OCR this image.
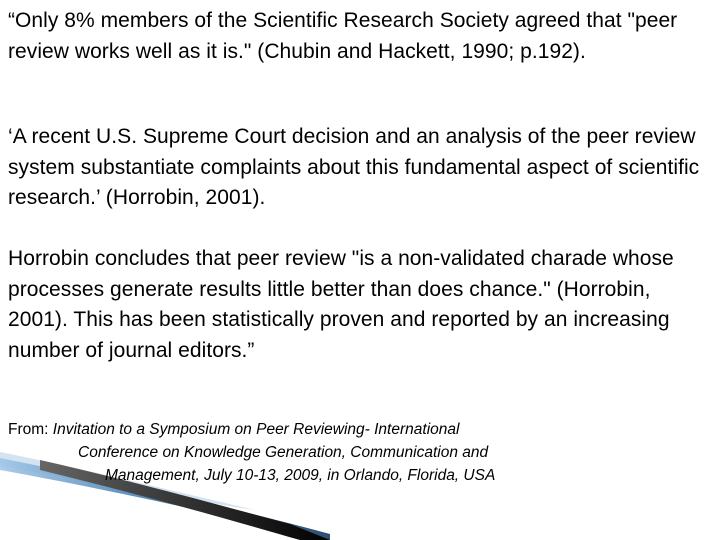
“Only 8% members of the Scientific Research Society agreed that "peer review works well as it is." (Chubin and Hackett, 1990; p.192).

‘A recent U.S. Supreme Court decision and an analysis of the peer review system substantiate complaints about this fundamental aspect of scientific research.’ (Horrobin, 2001).

Horrobin concludes that peer review "is a non-validated charade whose processes generate results little better than does chance." (Horrobin, 2001). This has been statistically proven and reported by an increasing number of journal editors.”

From: Invitation to a Symposium on Peer Reviewing- International
Conference on Knowledge Generation, Communication and
Management, July 10-13, 2009, in Orlando, Florida, USA
